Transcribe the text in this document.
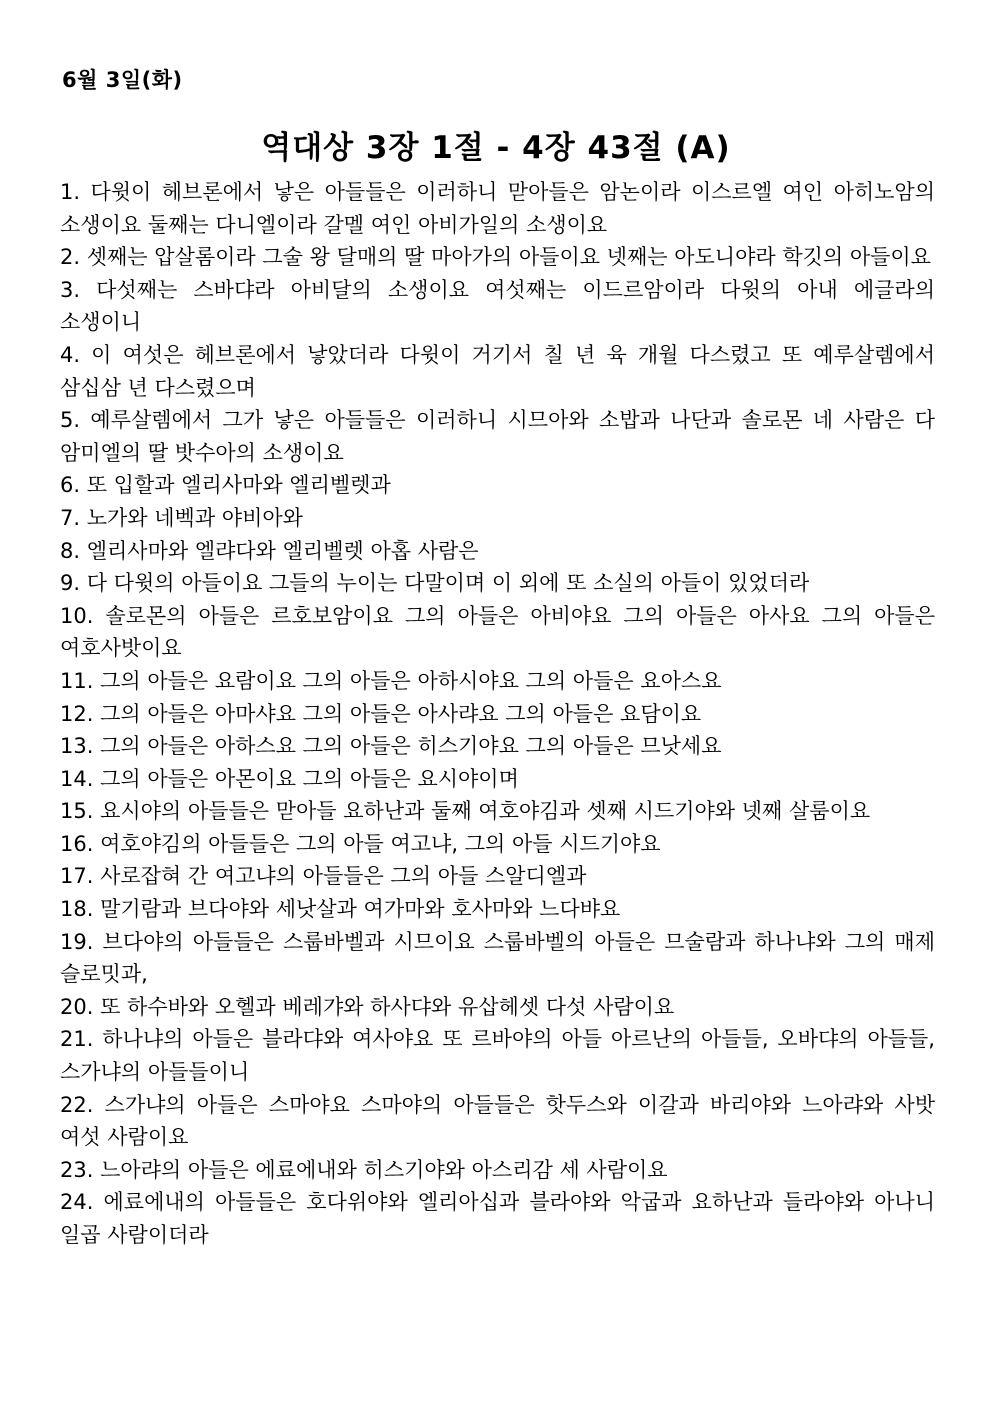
6월 3일(화)
역대상 3장 1절 - 4장 43절 (A)
1. 다윗이 헤브론에서 낳은 아들들은 이러하니 맏아들은 암논이라 이스르엘 여인 아히노암의 소생이요 둘째는 다니엘이라 갈멜 여인 아비가일의 소생이요
2. 셋째는 압살롬이라 그술 왕 달매의 딸 마아가의 아들이요 넷째는 아도니야라 학깃의 아들이요
3. 다섯째는 스바댜라 아비달의 소생이요 여섯째는 이드르암이라 다윗의 아내 에글라의 소생이니
4. 이 여섯은 헤브론에서 낳았더라 다윗이 거기서 칠 년 육 개월 다스렸고 또 예루살렘에서 삼십삼 년 다스렸으며
5. 예루살렘에서 그가 낳은 아들들은 이러하니 시므아와 소밥과 나단과 솔로몬 네 사람은 다 암미엘의 딸 밧수아의 소생이요
6. 또 입할과 엘리사마와 엘리벨렛과
7. 노가와 네벡과 야비아와
8. 엘리사마와 엘랴다와 엘리벨렛 아홉 사람은
9. 다 다윗의 아들이요 그들의 누이는 다말이며 이 외에 또 소실의 아들이 있었더라
10. 솔로몬의 아들은 르호보암이요 그의 아들은 아비야요 그의 아들은 아사요 그의 아들은 여호사밧이요
11. 그의 아들은 요람이요 그의 아들은 아하시야요 그의 아들은 요아스요
12. 그의 아들은 아마샤요 그의 아들은 아사랴요 그의 아들은 요담이요
13. 그의 아들은 아하스요 그의 아들은 히스기야요 그의 아들은 므낫세요
14. 그의 아들은 아몬이요 그의 아들은 요시야이며
15. 요시야의 아들들은 맏아들 요하난과 둘째 여호야김과 셋째 시드기야와 넷째 살룸이요
16. 여호야김의 아들들은 그의 아들 여고냐, 그의 아들 시드기야요
17. 사로잡혀 간 여고냐의 아들들은 그의 아들 스알디엘과
18. 말기람과 브다야와 세낫살과 여가마와 호사마와 느다뱌요
19. 브다야의 아들들은 스룹바벨과 시므이요 스룹바벨의 아들은 므술람과 하나냐와 그의 매제 슬로밋과,
20. 또 하수바와 오헬과 베레갸와 하사댜와 유삽헤셋 다섯 사람이요
21. 하나냐의 아들은 블라댜와 여사야요 또 르바야의 아들 아르난의 아들들, 오바댜의 아들들, 스가냐의 아들들이니
22. 스가냐의 아들은 스마야요 스마야의 아들들은 핫두스와 이갈과 바리야와 느아랴와 사밧 여섯 사람이요
23. 느아랴의 아들은 에료에내와 히스기야와 아스리감 세 사람이요
24. 에료에내의 아들들은 호다위야와 엘리아십과 블라야와 악굽과 요하난과 들라야와 아나니 일곱 사람이더라
